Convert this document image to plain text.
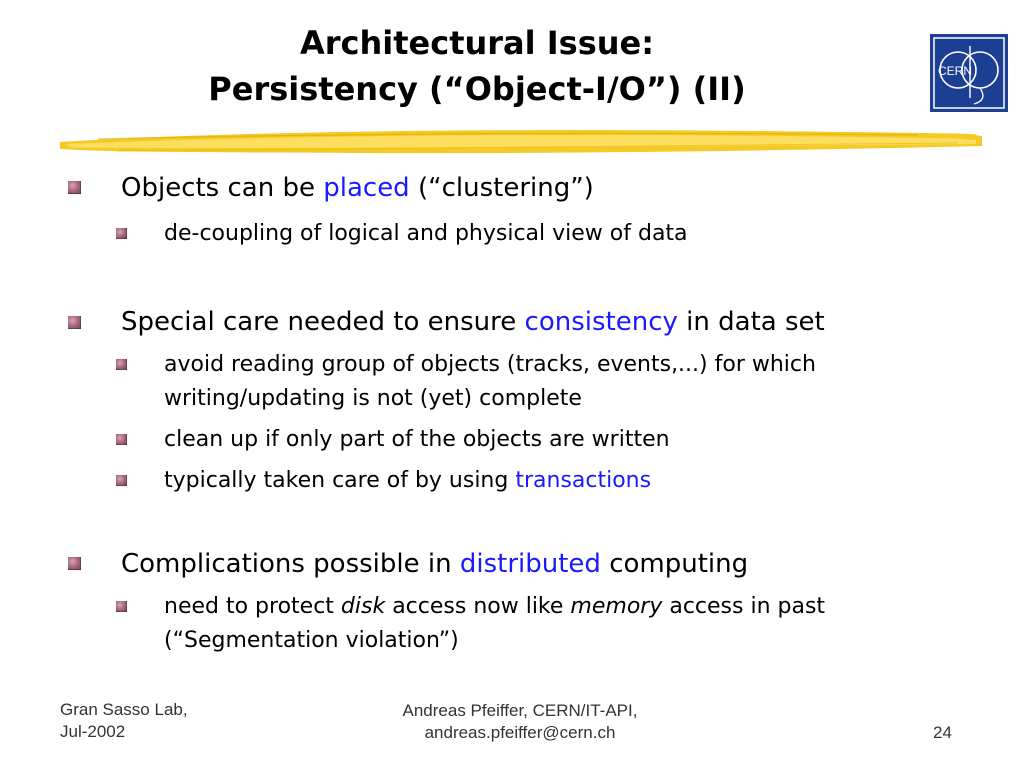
Architectural Issue:
Persistency (“Object-I/O”) (II)	CERN
Objects can be placed (“clustering”)
de-coupling of logical and physical view of data
Special care needed to ensure consistency in data set
avoid reading group of objects (tracks, events,...) for which
writing/updating is not (yet) complete
clean up if only part of the objects are written
typically taken care of by using transactions
Complications possible in distributed computing
need to protect disk access now like memory access in past
(“Segmentation violation”)
Gran Sasso Lab,
Jul-2002
Andreas Pfeiffer, CERN/IT-API,
andreas.pfeiffer@cern.ch	24
